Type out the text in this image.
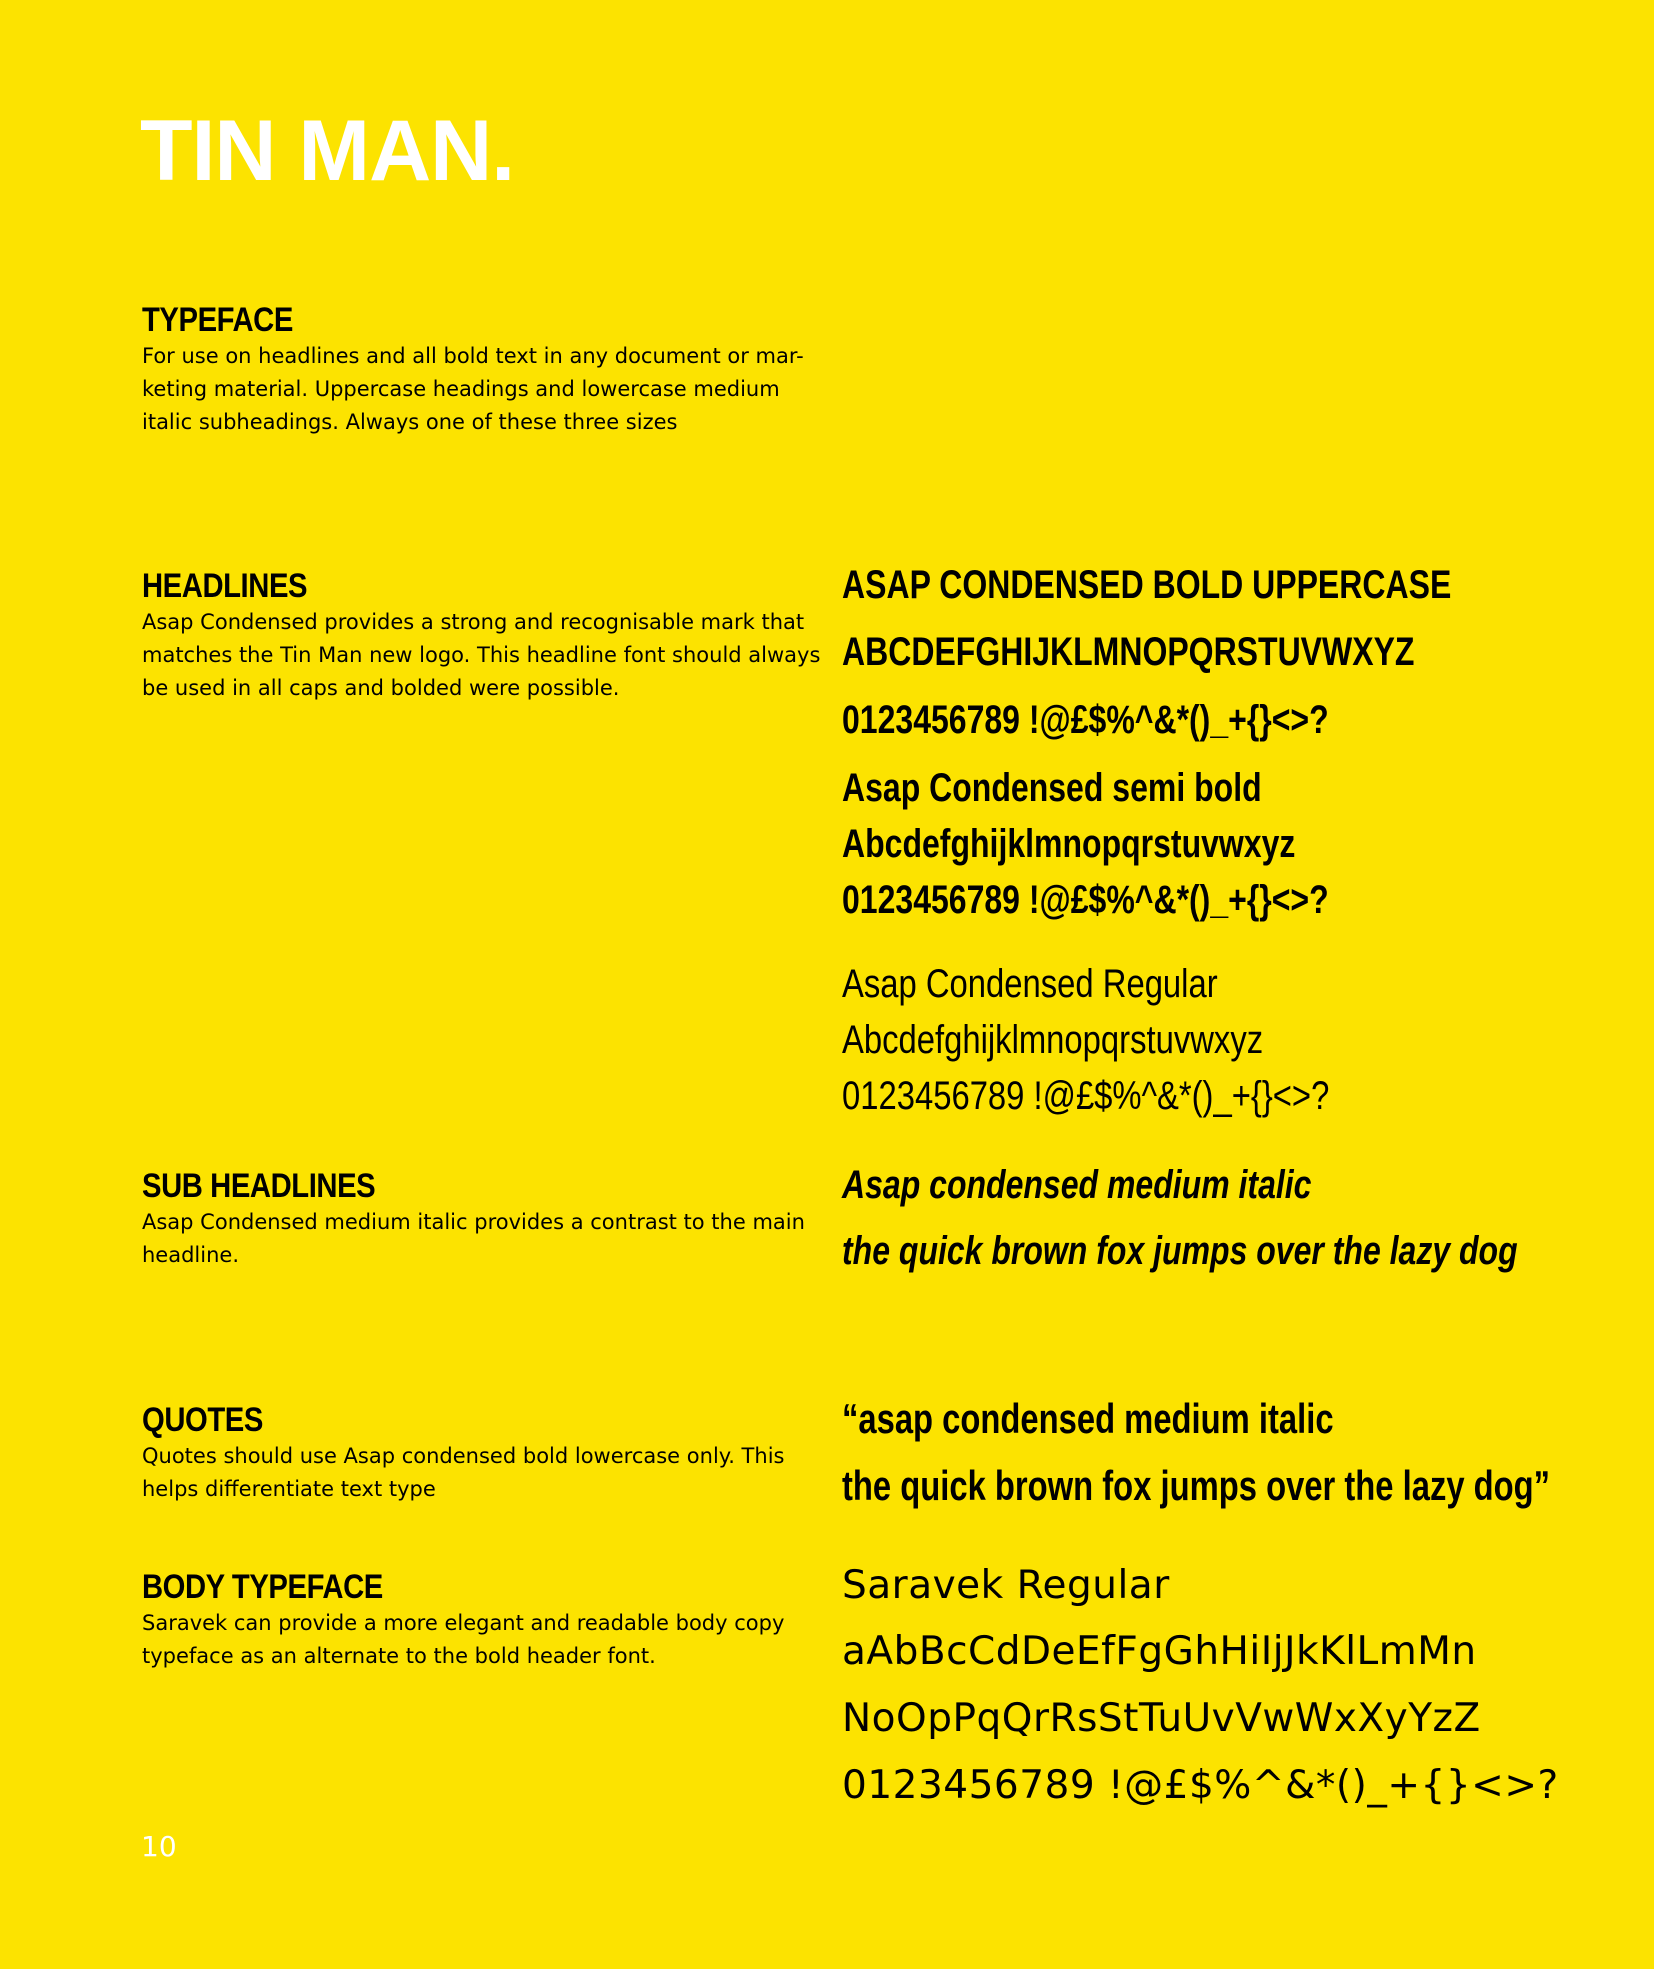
TIN MAN.
TYPEFACE

For use on headlines and all bold text in any document or mar-keting material. Uppercase headings and lowercase medium italic subheadings. Always one of these three sizes

HEADLINES

Asap Condensed provides a strong and recognisable mark that matches the Tin Man new logo. This headline font should always be used in all caps and bolded were possible.

SUB HEADLINES

Asap Condensed medium italic provides a contrast to the main headline.

QUOTES

Quotes should use Asap condensed bold lowercase only. This helps differentiate text type

BODY TYPEFACE

Saravek can provide a more elegant and readable body copy typeface as an alternate to the bold header font.

ASAP CONDENSED BOLD UPPERCASE
ABCDEFGHIJKLMNOPQRSTUVWXYZ
0123456789 !@£$%^&*()_+{}<>?
Asap Condensed semi bold
Abcdefghijklmnopqrstuvwxyz
0123456789 !@£$%^&*()_+{}<>?
Asap Condensed Regular
Abcdefghijklmnopqrstuvwxyz
0123456789 !@£$%^&*()_+{}<>?
Asap condensed medium italic
the quick brown fox jumps over the lazy dog
“asap condensed medium italic
the quick brown fox jumps over the lazy dog”
Saravek Regular
aAbBcCdDeEfFgGhHiIjJkKlLmMn
NoOpPqQrRsStTuUvVwWxXyYzZ
0123456789 !@£$%^&*()_+{}<>?
10
